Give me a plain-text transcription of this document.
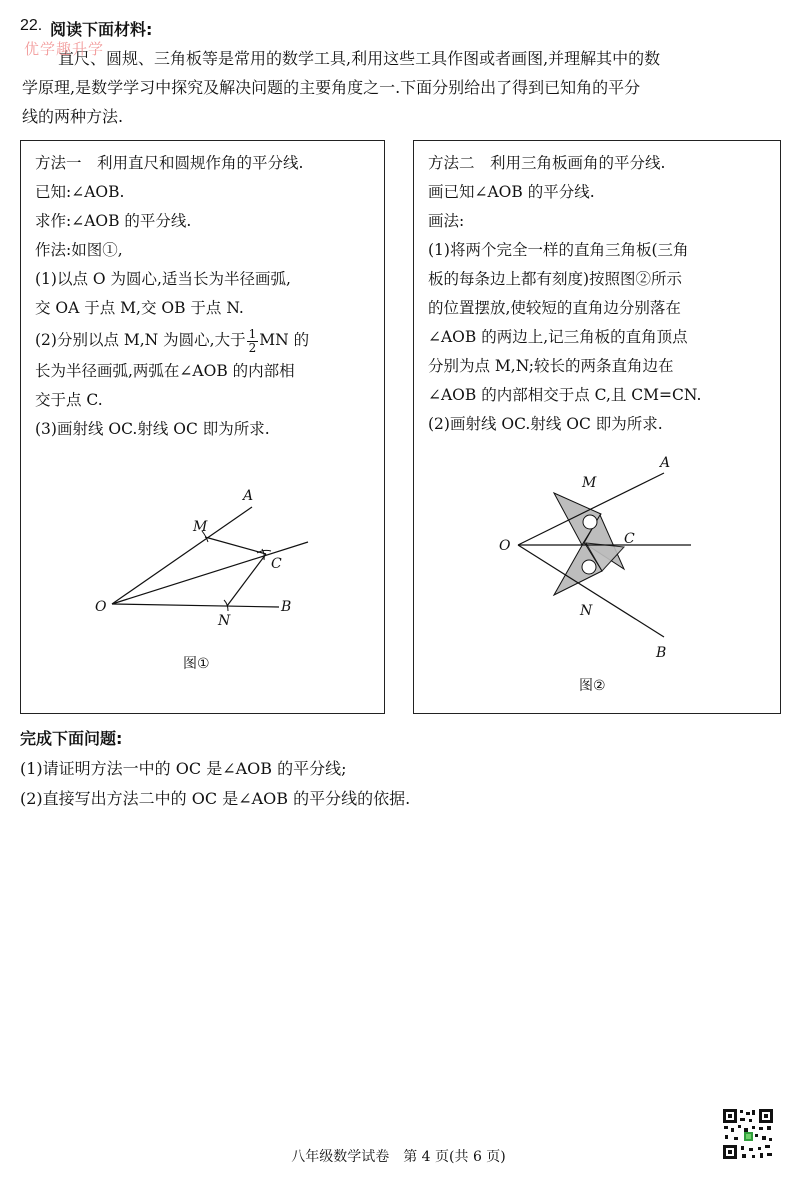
22. 阅读下面材料:

直尺、圆规、三角板等是常用的数学工具,利用这些工具作图或者画图,并理解其中的数

学原理,是数学学习中探究及解决问题的主要角度之一.下面分别给出了得到已知角的平分
线的两种方法.
优学趣升学
方法一　利用直尺和圆规作角的平分线.
已知:∠AOB.
求作:∠AOB 的平分线.
作法:如图①,
(1)以点 O 为圆心,适当长为半径画弧,
交 OA 于点 M,交 OB 于点 N.
(2)分别以点 M,N 为圆心,大于 $\frac{1}{2}$ MN 的
长为半径画弧,两弧在∠AOB 的内部相
交于点 C.
(3)画射线 OC.射线 OC 即为所求.
A
M
C
O
N
B
图①
方法二　利用三角板画角的平分线.
画已知∠AOB 的平分线.
画法:
(1)将两个完全一样的直角三角板(三角
板的每条边上都有刻度)按照图②所示
的位置摆放,使较短的直角边分别落在
∠AOB 的两边上,记三角板的直角顶点
分别为点 M,N;较长的两条直角边在
∠AOB 的内部相交于点 C,且 CM=CN.
(2)画射线 OC.射线 OC 即为所求.
A
M
C
O
N
B
图②
完成下面问题:
(1)请证明方法一中的 OC 是∠AOB 的平分线;
(2)直接写出方法二中的 OC 是∠AOB 的平分线的依据.
八年级数学试卷　第 4 页(共 6 页)
